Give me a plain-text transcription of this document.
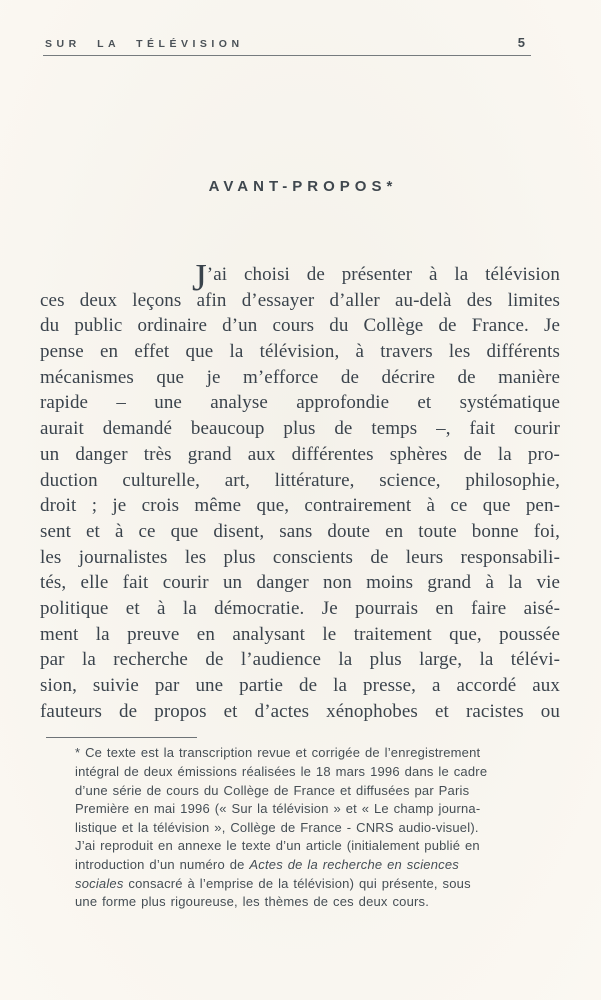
SUR LA TÉLÉVISION	5
AVANT-PROPOS*
J’ai choisi de présenter à la télévision
ces deux leçons afin d’essayer d’aller au-delà des limites
du public ordinaire d’un cours du Collège de France. Je
pense en effet que la télévision, à travers les différents
mécanismes que je m’efforce de décrire de manière
rapide – une analyse approfondie et systématique
aurait demandé beaucoup plus de temps –, fait courir
un danger très grand aux différentes sphères de la pro-
duction culturelle, art, littérature, science, philosophie,
droit ; je crois même que, contrairement à ce que pen-
sent et à ce que disent, sans doute en toute bonne foi,
les journalistes les plus conscients de leurs responsabili-
tés, elle fait courir un danger non moins grand à la vie
politique et à la démocratie. Je pourrais en faire aisé-
ment la preuve en analysant le traitement que, poussée
par la recherche de l’audience la plus large, la télévi-
sion, suivie par une partie de la presse, a accordé aux
fauteurs de propos et d’actes xénophobes et racistes ou
* Ce texte est la transcription revue et corrigée de l’enregistrement
intégral de deux émissions réalisées le 18 mars 1996 dans le cadre
d’une série de cours du Collège de France et diffusées par Paris
Première en mai 1996 (« Sur la télévision » et « Le champ journa-
listique et la télévision », Collège de France - CNRS audio-visuel).
J’ai reproduit en annexe le texte d’un article (initialement publié en
introduction d’un numéro de Actes de la recherche en sciences
sociales consacré à l’emprise de la télévision) qui présente, sous
une forme plus rigoureuse, les thèmes de ces deux cours.
